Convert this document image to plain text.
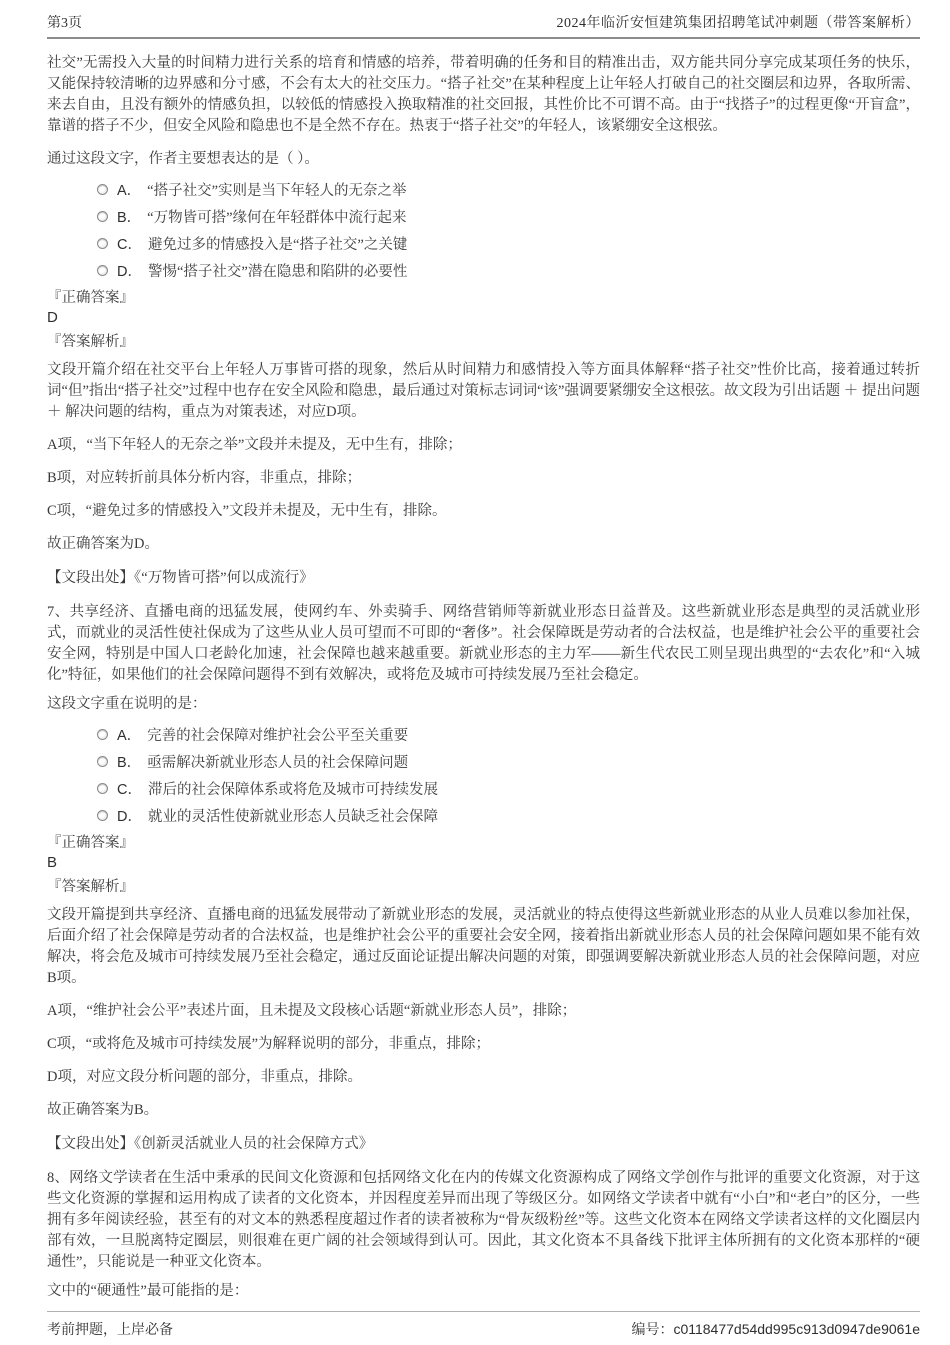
第3页	2024年临沂安恒建筑集团招聘笔试冲刺题（带答案解析）

社交”无需投入大量的时间精力进行关系的培育和情感的培养，带着明确的任务和目的精准出击，双方能共同分享完成某项任务的快乐，又能保持较清晰的边界感和分寸感，不会有太大的社交压力。“搭子社交”在某种程度上让年轻人打破自己的社交圈层和边界，各取所需、来去自由，且没有额外的情感负担，以较低的情感投入换取精准的社交回报，其性价比不可谓不高。由于“找搭子”的过程更像“开盲盒”，靠谱的搭子不少，但安全风险和隐患也不是全然不存在。热衷于“搭子社交”的年轻人，该紧绷安全这根弦。

通过这段文字，作者主要想表达的是（ ）。

A． “搭子社交”实则是当下年轻人的无奈之举
B． “万物皆可搭”缘何在年轻群体中流行起来
C． 避免过多的情感投入是“搭子社交”之关键
D． 警惕“搭子社交”潜在隐患和陷阱的必要性
『正确答案』
D
『答案解析』

文段开篇介绍在社交平台上年轻人万事皆可搭的现象，然后从时间精力和感情投入等方面具体解释“搭子社交”性价比高，接着通过转折词“但”指出“搭子社交”过程中也存在安全风险和隐患，最后通过对策标志词词“该”强调要紧绷安全这根弦。故文段为引出话题 ＋ 提出问题 ＋ 解决问题的结构，重点为对策表述，对应D项。

A项，“当下年轻人的无奈之举”文段并未提及，无中生有，排除；

B项，对应转折前具体分析内容，非重点，排除；

C项，“避免过多的情感投入”文段并未提及，无中生有，排除。

故正确答案为D。

【文段出处】《“万物皆可搭”何以成流行》

7、共享经济、直播电商的迅猛发展，使网约车、外卖骑手、网络营销师等新就业形态日益普及。这些新就业形态是典型的灵活就业形式，而就业的灵活性使社保成为了这些从业人员可望而不可即的“奢侈”。社会保障既是劳动者的合法权益，也是维护社会公平的重要社会安全网，特别是中国人口老龄化加速，社会保障也越来越重要。新就业形态的主力军——新生代农民工则呈现出典型的“去农化”和“入城化”特征，如果他们的社会保障问题得不到有效解决，或将危及城市可持续发展乃至社会稳定。

这段文字重在说明的是：

A． 完善的社会保障对维护社会公平至关重要
B． 亟需解决新就业形态人员的社会保障问题
C． 滞后的社会保障体系或将危及城市可持续发展
D． 就业的灵活性使新就业形态人员缺乏社会保障
『正确答案』
B
『答案解析』

文段开篇提到共享经济、直播电商的迅猛发展带动了新就业形态的发展，灵活就业的特点使得这些新就业形态的从业人员难以参加社保，后面介绍了社会保障是劳动者的合法权益，也是维护社会公平的重要社会安全网，接着指出新就业形态人员的社会保障问题如果不能有效解决，将会危及城市可持续发展乃至社会稳定，通过反面论证提出解决问题的对策，即强调要解决新就业形态人员的社会保障问题，对应B项。

A项，“维护社会公平”表述片面，且未提及文段核心话题“新就业形态人员”，排除；

C项，“或将危及城市可持续发展”为解释说明的部分，非重点，排除；

D项，对应文段分析问题的部分，非重点，排除。

故正确答案为B。

【文段出处】《创新灵活就业人员的社会保障方式》

8、网络文学读者在生活中秉承的民间文化资源和包括网络文化在内的传媒文化资源构成了网络文学创作与批评的重要文化资源，对于这些文化资源的掌握和运用构成了读者的文化资本，并因程度差异而出现了等级区分。如网络文学读者中就有“小白”和“老白”的区分，一些拥有多年阅读经验，甚至有的对文本的熟悉程度超过作者的读者被称为“骨灰级粉丝”等。这些文化资本在网络文学读者这样的文化圈层内部有效，一旦脱离特定圈层，则很难在更广阔的社会领域得到认可。因此，其文化资本不具备线下批评主体所拥有的文化资本那样的“硬通性”，只能说是一种亚文化资本。

文中的“硬通性”最可能指的是：

考前押题，上岸必备	编号：c0118477d54dd995c913d0947de9061e
